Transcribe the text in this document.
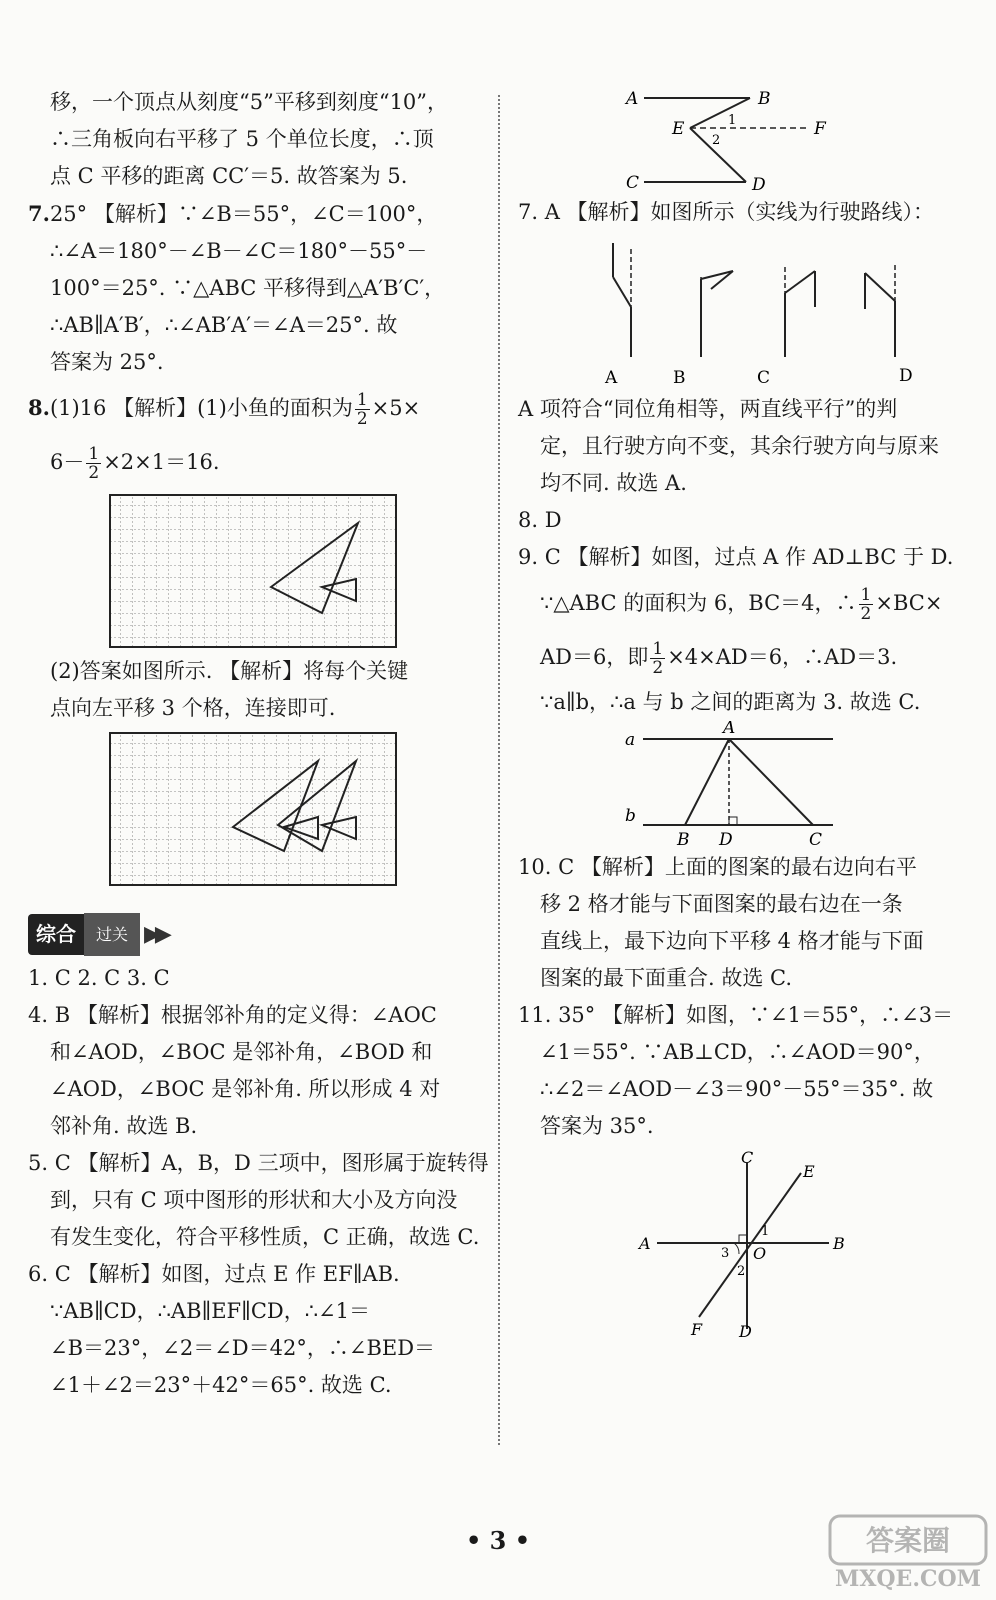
移，一个顶点从刻度“5”平移到刻度“10”，
∴三角板向右平移了 5 个单位长度，∴顶
点 C 平移的距离 CC′＝5. 故答案为 5.
7.25° 【解析】∵∠B＝55°，∠C＝100°，
∴∠A＝180°－∠B－∠C＝180°－55°－
100°＝25°. ∵△ABC 平移得到△A′B′C′，
∴AB∥A′B′，∴∠AB′A′＝∠A＝25°. 故
答案为 25°.
8.(1)16 【解析】(1)小鱼的面积为 $\frac{1}{2} \times 5\times$
$6- \frac{1}{2} \times 2\times 1=16$.
(2)答案如图所示. 【解析】将每个关键
点向左平移 3 个格，连接即可.
综合	过关 ▶▶
1. C 2. C 3. C
4. B 【解析】根据邻补角的定义得：∠AOC
和∠AOD，∠BOC 是邻补角，∠BOD 和
∠AOD，∠BOC 是邻补角. 所以形成 4 对
邻补角. 故选 B.
5. C 【解析】A，B，D 三项中，图形属于旋转得
到，只有 C 项中图形的形状和大小及方向没
有发生变化，符合平移性质，C 正确，故选 C.
6. C 【解析】如图，过点 E 作 EF∥AB.
∵AB∥CD，∴AB∥EF∥CD，∴∠1＝
∠B＝23°，∠2＝∠D＝42°，∴∠BED＝
∠1＋∠2＝23°＋42°＝65°. 故选 C.
A	B
E	F
C	D
1
2
7. A 【解析】如图所示（实线为行驶路线）：
A	B	C	D
A 项符合“同位角相等，两直线平行”的判
定，且行驶方向不变，其余行驶方向与原来
均不同. 故选 A.
8. D
9. C 【解析】如图，过点 A 作 AD⊥BC 于 D.
∵△ABC 的面积为 6，BC＝4，∴ $\frac{1}{2} \times BC\times$
AD＝6，即 $\frac{1}{2} \times 4\times AD=6$，∴AD＝3.
∵a∥b，∴a 与 b 之间的距离为 3. 故选 C.
a
A
b
B D	C
10. C 【解析】上面的图案的最右边向右平
移 2 格才能与下面图案的最右边在一条
直线上，最下边向下平移 4 格才能与下面
图案的最下面重合. 故选 C.
11. 35° 【解析】如图，∵∠1＝55°，∴∠3＝
∠1＝55°. ∵AB⊥CD，∴∠AOD＝90°，
∴∠2＝∠AOD－∠3＝90°－55°＝35°. 故
答案为 35°.
C
E
A
O
B
1
3
2
F D
• 3 •	答案圈
MXQE.COM
